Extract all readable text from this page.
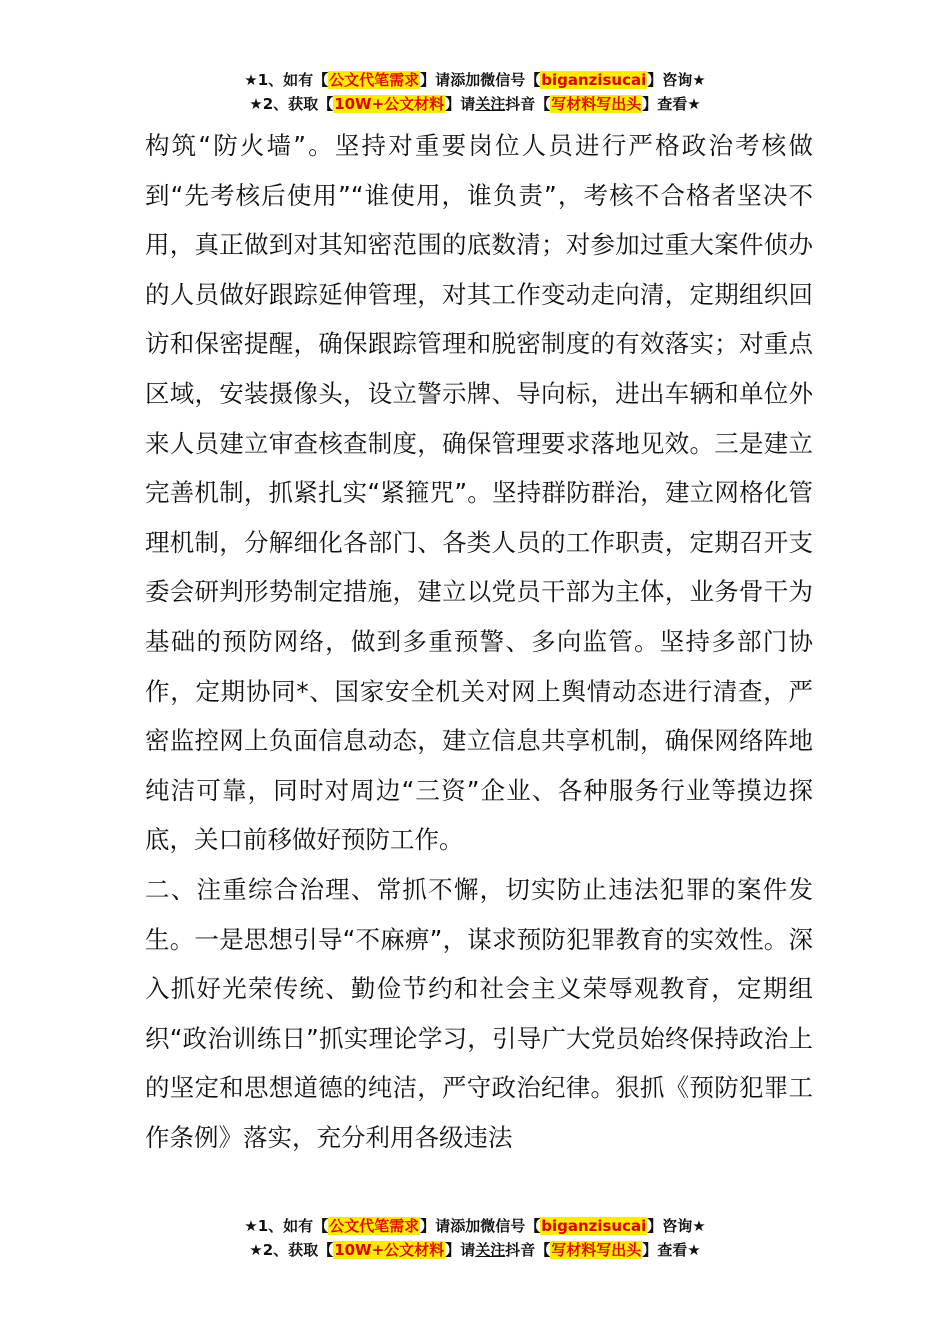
★1、如有【公文代笔需求】请添加微信号【biganzisucai】咨询★
★2、获取【10W+公文材料】请关注抖音【写材料写出头】查看★

构筑“防火墙”。坚持对重要岗位人员进行严格政治考核做到“先考核后使用”“谁使用，谁负责”，考核不合格者坚决不用，真正做到对其知密范围的底数清；对参加过重大案件侦办的人员做好跟踪延伸管理，对其工作变动走向清，定期组织回访和保密提醒，确保跟踪管理和脱密制度的有效落实；对重点区域，安装摄像头，设立警示牌、导向标，进出车辆和单位外来人员建立审查核查制度，确保管理要求落地见效。三是建立完善机制，抓紧扎实“紧箍咒”。坚持群防群治，建立网格化管理机制，分解细化各部门、各类人员的工作职责，定期召开支委会研判形势制定措施，建立以党员干部为主体，业务骨干为基础的预防网络，做到多重预警、多向监管。坚持多部门协作，定期协同*、国家安全机关对网上舆情动态进行清查，严密监控网上负面信息动态，建立信息共享机制，确保网络阵地纯洁可靠，同时对周边“三资”企业、各种服务行业等摸边探底，关口前移做好预防工作。

二、注重综合治理、常抓不懈，切实防止违法犯罪的案件发生。一是思想引导“不麻痹”，谋求预防犯罪教育的实效性。深入抓好光荣传统、勤俭节约和社会主义荣辱观教育，定期组织“政治训练日”抓实理论学习，引导广大党员始终保持政治上的坚定和思想道德的纯洁，严守政治纪律。狠抓《预防犯罪工作条例》落实，充分利用各级违法

★1、如有【公文代笔需求】请添加微信号【biganzisucai】咨询★
★2、获取【10W+公文材料】请关注抖音【写材料写出头】查看★
